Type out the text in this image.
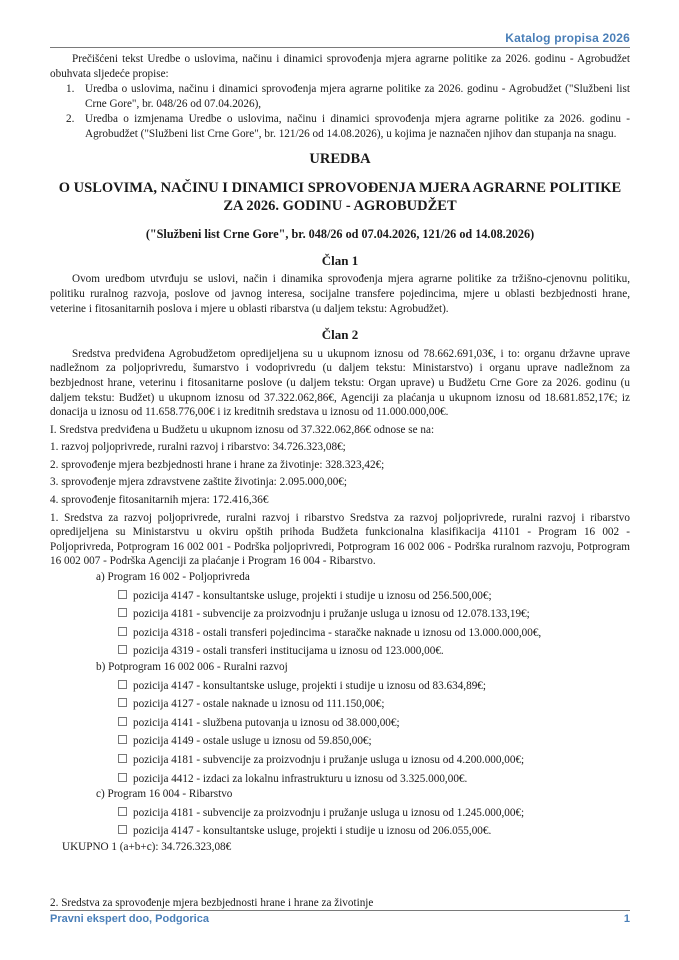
Katalog propisa 2026

Prečišćeni tekst Uredbe o uslovima, načinu i dinamici sprovođenja mjera agrarne politike za 2026. godinu - Agrobudžet obuhvata sljedeće propise:

1. Uredba o uslovima, načinu i dinamici sprovođenja mjera agrarne politike za 2026. godinu - Agrobudžet ("Službeni list Crne Gore", br. 048/26 od 07.04.2026),

2. Uredba o izmjenama Uredbe o uslovima, načinu i dinamici sprovođenja mjera agrarne politike za 2026. godinu - Agrobudžet ("Službeni list Crne Gore", br. 121/26 od 14.08.2026), u kojima je naznačen njihov dan stupanja na snagu.

UREDBA

O USLOVIMA, NAČINU I DINAMICI SPROVOĐENJA MJERA AGRARNE POLITIKE ZA 2026. GODINU - AGROBUDŽET

("Službeni list Crne Gore", br. 048/26 od 07.04.2026, 121/26 od 14.08.2026)

Član 1

Ovom uredbom utvrđuju se uslovi, način i dinamika sprovođenja mjera agrarne politike za tržišno-cjenovnu politiku, politiku ruralnog razvoja, poslove od javnog interesa, socijalne transfere pojedincima, mjere u oblasti bezbjednosti hrane, veterine i fitosanitarnih poslova i mjere u oblasti ribarstva (u daljem tekstu: Agrobudžet).

Član 2

Sredstva predviđena Agrobudžetom opredijeljena su u ukupnom iznosu od 78.662.691,03€, i to: organu državne uprave nadležnom za poljoprivredu, šumarstvo i vodoprivredu (u daljem tekstu: Ministarstvo) i organu uprave nadležnom za bezbjednost hrane, veterinu i fitosanitarne poslove (u daljem tekstu: Organ uprave) u Budžetu Crne Gore za 2026. godinu (u daljem tekstu: Budžet) u ukupnom iznosu od 37.322.062,86€, Agenciji za plaćanja u ukupnom iznosu od 18.681.852,17€; iz donacija u iznosu od 11.658.776,00€ i iz kreditnih sredstava u iznosu od 11.000.000,00€.

I. Sredstva predviđena u Budžetu u ukupnom iznosu od 37.322.062,86€ odnose se na:

1. razvoj poljoprivrede, ruralni razvoj i ribarstvo: 34.726.323,08€;

2. sprovođenje mjera bezbjednosti hrane i hrane za životinje: 328.323,42€;

3. sprovođenje mjera zdravstvene zaštite životinja: 2.095.000,00€;

4. sprovođenje fitosanitarnih mjera: 172.416,36€

1. Sredstva za razvoj poljoprivrede, ruralni razvoj i ribarstvo Sredstva za razvoj poljoprivrede, ruralni razvoj i ribarstvo opredijeljena su Ministarstvu u okviru opštih prihoda Budžeta funkcionalna klasifikacija 41101 - Program 16 002 - Poljoprivreda, Potprogram 16 002 001 - Podrška poljoprivredi, Potprogram 16 002 006 - Podrška ruralnom razvoju, Potprogram 16 002 007 - Podrška Agenciji za plaćanje i Program 16 004 - Ribarstvo.

a) Program 16 002 - Poljoprivreda

pozicija 4147 - konsultantske usluge, projekti i studije u iznosu od 256.500,00€;

pozicija 4181 - subvencije za proizvodnju i pružanje usluga u iznosu od 12.078.133,19€;

pozicija 4318 - ostali transferi pojedincima - staračke naknade u iznosu od 13.000.000,00€,

pozicija 4319 - ostali transferi institucijama u iznosu od 123.000,00€.

b) Potprogram 16 002 006 - Ruralni razvoj

pozicija 4147 - konsultantske usluge, projekti i studije u iznosu od 83.634,89€;

pozicija 4127 - ostale naknade u iznosu od 111.150,00€;

pozicija 4141 - službena putovanja u iznosu od 38.000,00€;

pozicija 4149 - ostale usluge u iznosu od 59.850,00€;

pozicija 4181 - subvencije za proizvodnju i pružanje usluga u iznosu od 4.200.000,00€;

pozicija 4412 - izdaci za lokalnu infrastrukturu u iznosu od 3.325.000,00€.

c) Program 16 004 - Ribarstvo

pozicija 4181 - subvencije za proizvodnju i pružanje usluga u iznosu od 1.245.000,00€;

pozicija 4147 - konsultantske usluge, projekti i studije u iznosu od 206.055,00€.

UKUPNO 1 (a+b+c): 34.726.323,08€

2. Sredstva za sprovođenje mjera bezbjednosti hrane i hrane za životinje

Pravni ekspert doo, Podgorica	1
